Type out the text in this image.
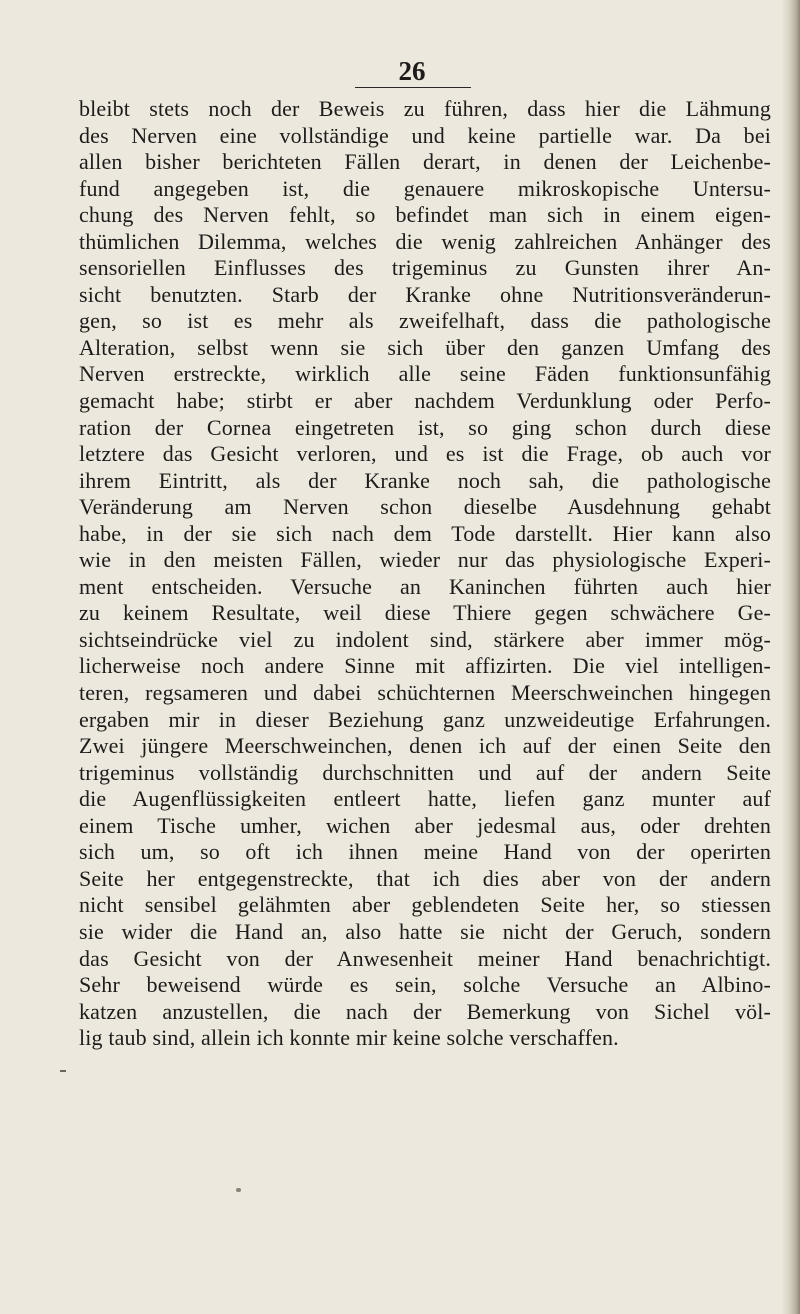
26
bleibt stets noch der Beweis zu führen, dass hier die Lähmung
des Nerven eine vollständige und keine partielle war. Da bei
allen bisher berichteten Fällen derart, in denen der Leichenbe-
fund angegeben ist, die genauere mikroskopische Untersu-
chung des Nerven fehlt, so befindet man sich in einem eigen-
thümlichen Dilemma, welches die wenig zahlreichen Anhänger des
sensoriellen Einflusses des trigeminus zu Gunsten ihrer An-
sicht benutzten. Starb der Kranke ohne Nutritionsveränderun-
gen, so ist es mehr als zweifelhaft, dass die pathologische
Alteration, selbst wenn sie sich über den ganzen Umfang des
Nerven erstreckte, wirklich alle seine Fäden funktionsunfähig
gemacht habe; stirbt er aber nachdem Verdunklung oder Perfo-
ration der Cornea eingetreten ist, so ging schon durch diese
letztere das Gesicht verloren, und es ist die Frage, ob auch vor
ihrem Eintritt, als der Kranke noch sah, die pathologische
Veränderung am Nerven schon dieselbe Ausdehnung gehabt
habe, in der sie sich nach dem Tode darstellt. Hier kann also
wie in den meisten Fällen, wieder nur das physiologische Experi-
ment entscheiden. Versuche an Kaninchen führten auch hier
zu keinem Resultate, weil diese Thiere gegen schwächere Ge-
sichtseindrücke viel zu indolent sind, stärkere aber immer mög-
licherweise noch andere Sinne mit affizirten. Die viel intelligen-
teren, regsameren und dabei schüchternen Meerschweinchen hingegen
ergaben mir in dieser Beziehung ganz unzweideutige Erfahrungen.
Zwei jüngere Meerschweinchen, denen ich auf der einen Seite den
trigeminus vollständig durchschnitten und auf der andern Seite
die Augenflüssigkeiten entleert hatte, liefen ganz munter auf
einem Tische umher, wichen aber jedesmal aus, oder drehten
sich um, so oft ich ihnen meine Hand von der operirten
Seite her entgegenstreckte, that ich dies aber von der andern
nicht sensibel gelähmten aber geblendeten Seite her, so stiessen
sie wider die Hand an, also hatte sie nicht der Geruch, sondern
das Gesicht von der Anwesenheit meiner Hand benachrichtigt.
Sehr beweisend würde es sein, solche Versuche an Albino-
katzen anzustellen, die nach der Bemerkung von Sichel völ-
lig taub sind, allein ich konnte mir keine solche verschaffen.
